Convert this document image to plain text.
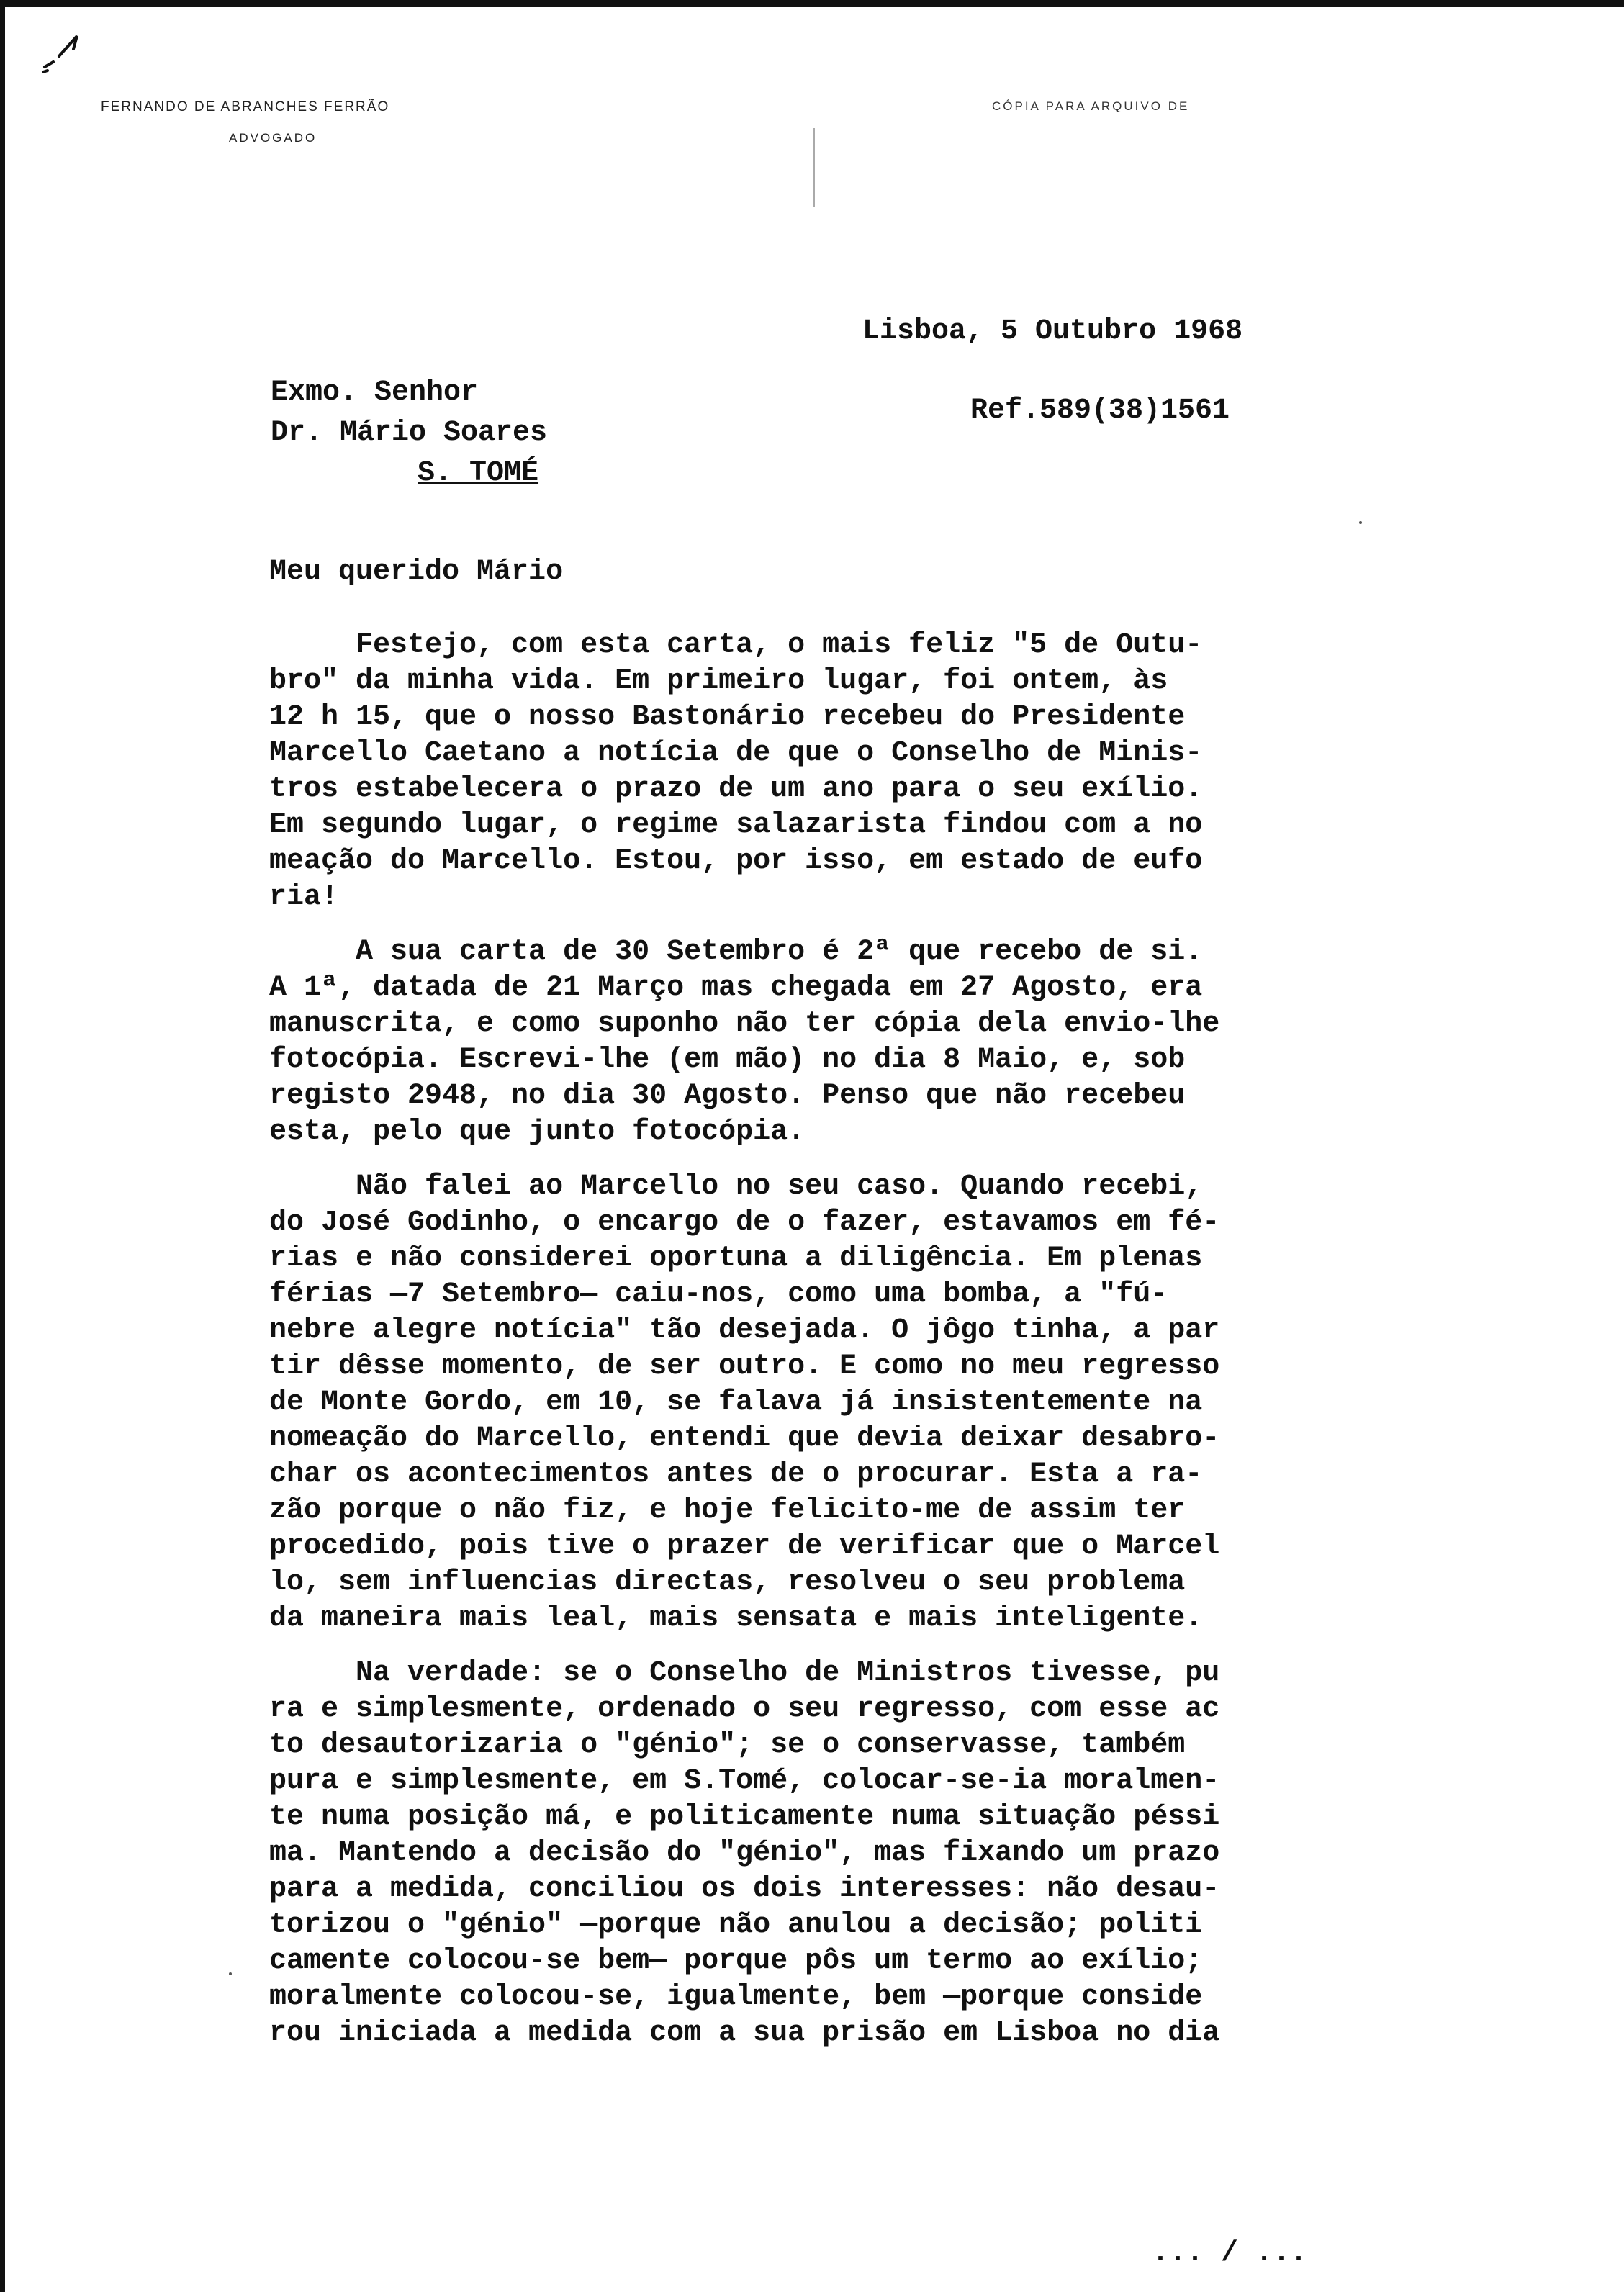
FERNANDO DE ABRANCHES FERRÃO
ADVOGADO
CÓPIA PARA ARQUIVO DE
Lisboa, 5 Outubro 1968
Exmo. Senhor
Dr. Mário Soares
S. TOMÉ
Ref.589(38)1561
Meu querido Mário
Festejo, com esta carta, o mais feliz "5 de Outu-
bro" da minha vida. Em primeiro lugar, foi ontem, às
12 h 15, que o nosso Bastonário recebeu do Presidente
Marcello Caetano a notícia de que o Conselho de Minis-
tros estabelecera o prazo de um ano para o seu exílio.
Em segundo lugar, o regime salazarista findou com a no
meação do Marcello. Estou, por isso, em estado de eufo
ria!
A sua carta de 30 Setembro é 2ª que recebo de si.
A 1ª, datada de 21 Março mas chegada em 27 Agosto, era
manuscrita, e como suponho não ter cópia dela envio-lhe
fotocópia. Escrevi-lhe (em mão) no dia 8 Maio, e, sob
registo 2948, no dia 30 Agosto. Penso que não recebeu
esta, pelo que junto fotocópia.
Não falei ao Marcello no seu caso. Quando recebi,
do José Godinho, o encargo de o fazer, estavamos em fé-
rias e não considerei oportuna a diligência. Em plenas
férias —7 Setembro— caiu-nos, como uma bomba, a "fú-
nebre alegre notícia" tão desejada. O jôgo tinha, a par
tir dêsse momento, de ser outro. E como no meu regresso
de Monte Gordo, em 10, se falava já insistentemente na
nomeação do Marcello, entendi que devia deixar desabro-
char os acontecimentos antes de o procurar. Esta a ra-
zão porque o não fiz, e hoje felicito-me de assim ter
procedido, pois tive o prazer de verificar que o Marcel
lo, sem influencias directas, resolveu o seu problema
da maneira mais leal, mais sensata e mais inteligente.
Na verdade: se o Conselho de Ministros tivesse, pu
ra e simplesmente, ordenado o seu regresso, com esse ac
to desautorizaria o "génio"; se o conservasse, também
pura e simplesmente, em S.Tomé, colocar-se-ia moralmen-
te numa posição má, e politicamente numa situação péssi
ma. Mantendo a decisão do "génio", mas fixando um prazo
para a medida, conciliou os dois interesses: não desau-
torizou o "génio" —porque não anulou a decisão; politi
camente colocou-se bem— porque pôs um termo ao exílio;
moralmente colocou-se, igualmente, bem —porque conside
rou iniciada a medida com a sua prisão em Lisboa no dia
... / ...
